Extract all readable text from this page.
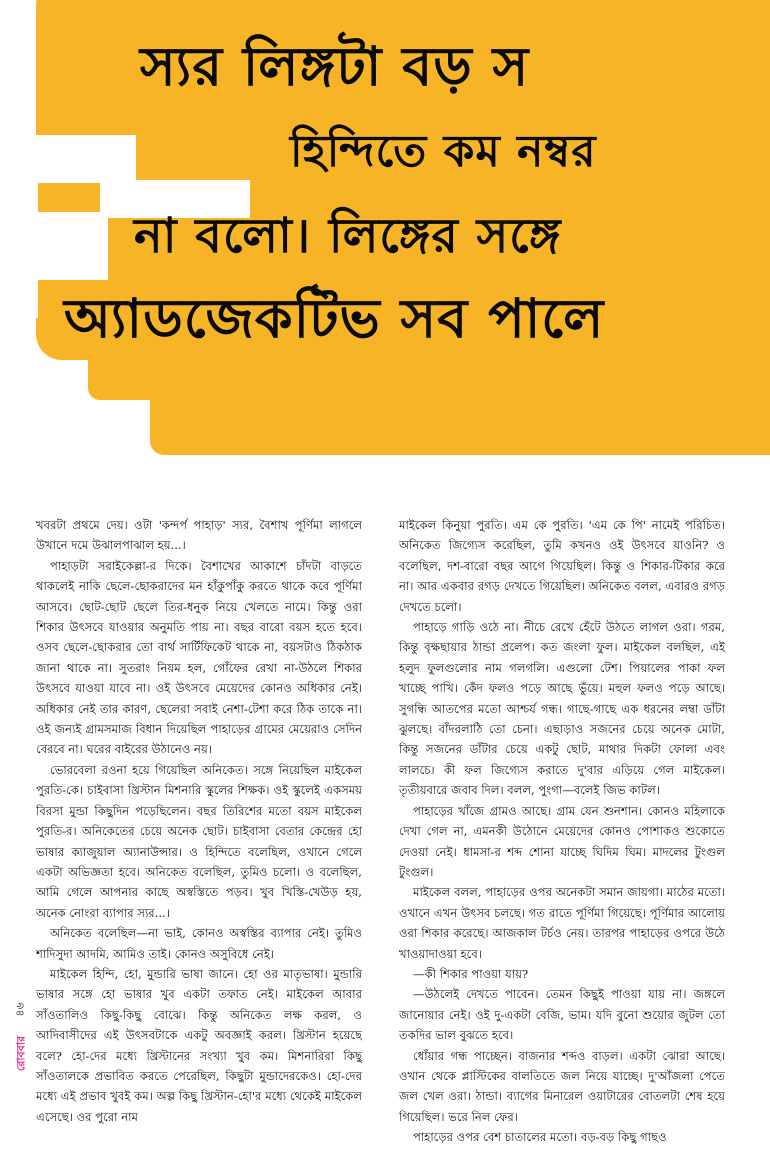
স্যর লিঙ্গটা বড় স
হিন্দিতে কম নম্বর
না বলো। লিঙ্গের সঙ্গে
অ্যাডজেকটিভ সব পালে

খবরটা প্রথমে দেয়। ওটা 'কন্দর্প পাহাড়' স্যর, বৈশাখ পূর্ণিমা লাগলে উখানে দমে উঝালপাঝাল হয়...।

পাহাড়টা সরাইকেল্লা-র দিকে। বৈশাখের আকাশে চাঁদটা বাড়তে থাকলেই নাকি ছেলে-ছোকরাদের মন হাঁকুপাঁকু করতে থাকে কবে পূর্ণিমা আসবে। ছোট-ছোট ছেলে তির-ধনুক নিয়ে খেলতে নামে। কিন্তু ওরা শিকার উৎসবে যাওয়ার অনুমতি পায় না। বছর বারো বয়স হতে হবে। ওসব ছেলে-ছোকরার তো বার্থ সার্টিফিকেট থাকে না, বয়সটাও ঠিকঠাক জানা থাকে না। সুতরাং নিয়ম হল, গোঁফের রেখা না-উঠলে শিকার উৎসবে যাওয়া যাবে না। ওই উৎসবে মেয়েদের কোনও অধিকার নেই। অধিকার নেই তার কারণ, ছেলেরা সবাই নেশা-টেশা করে ঠিক তাকে না। ওই জন্যই গ্রামসমাজ বিধান দিয়েছিল পাহাড়ের গ্রামের মেয়েরাও সেদিন বেরবে না। ঘরের বাইরের উঠানেও নয়।

ভোরবেলা রওনা হয়ে গিয়েছিল অনিকেত। সঙ্গে নিয়েছিল মাইকেল পুরতি-কে। চাইবাসা খ্রিস্টান মিশনারি স্কুলের শিক্ষক। ওই স্কুলেই একসময় বিরসা মুন্ডা কিছুদিন পড়েছিলেন। বছর তিরিশের মতো বয়স মাইকেল পুরতি-র। অনিকেতের চেয়ে অনেক ছোট। চাইবাসা বেতার কেন্দ্রের হো ভাষার ক্যাজুয়াল অ্যানাউন্সার। ও হিন্দিতে বলেছিল, ওখানে গেলে একটা অভিজ্ঞতা হবে। অনিকেত বলেছিল, তুমিও চলো। ও বলেছিল, আমি গেলে আপনার কাছে অস্বস্তিতে পড়ব। খুব খিস্তি-খেউড় হয়, অনেক নোংরা ব্যাপার স্যর...।

অনিকেত বলেছিল—না ভাই, কোনও অস্বস্তির ব্যাপার নেই। তুমিও শাদিসুদা আদমি, আমিও তাই। কোনও অসুবিধে নেই।

মাইকেল হিন্দি, হো, মুন্ডারি ভাষা জানে। হো ওর মাতৃভাষা। মুন্ডারি ভাষার সঙ্গে হো ভাষার খুব একটা তফাত নেই। মাইকেল আবার সাঁওতালিও কিছু-কিছু বোঝে। কিন্তু অনিকেত লক্ষ করল, ও আদিবাসীদের এই উৎসবটাকে একটু অবজ্ঞাই করল। খ্রিস্টান হয়েছে বলে? হো-দের মধ্যে খ্রিস্টানের সংখ্যা খুব কম। মিশনারিরা কিছু সাঁওতালকে প্রভাবিত করতে পেরেছিল, কিছুটা মুন্ডাদেরকেও। হো-দের মধ্যে এই প্রভাব খুবই কম। অল্প কিছু খ্রিস্টান-হো'র মধ্যে থেকেই মাইকেল এসেছে। ওর পুরো নাম

মাইকেল কিনুয়া পুরতি। এম কে পুরতি। 'এম কে পি' নামেই পরিচিত। অনিকেত জিগ্যেস করেছিল, তুমি কখনও ওই উৎসবে যাওনি? ও বলেছিল, দশ-বারো বছর আগে গিয়েছিল। কিন্তু ও শিকার-টিকার করে না। আর একবার রগড় দেখতে গিয়েছিল। অনিকেত বলল, এবারও রগড় দেখতে চলো।

পাহাড়ে গাড়ি ওঠে না। নীচে রেখে হেঁটে উঠতে লাগল ওরা। গরম, কিন্তু বৃক্ষছায়ার ঠান্ডা প্রলেপ। কত জংলা ফুল। মাইকেল বলছিল, এই হলুদ ফুলগুলোর নাম গলগলি। এগুলো টেশ। পিয়ালের পাকা ফল খাচ্ছে পাখি। কেঁদ ফলও পড়ে আছে ভুঁয়ে। মহুল ফলও পড়ে আছে। সুগন্ধি আতপের মতো আশ্চর্য গন্ধ। গাছে-গাছে এক ধরনের লম্বা ডাঁটা ঝুলছে। বাঁদরলাঠি তো চেনা। এছাড়াও সজনের চেয়ে অনেক মোটা, কিন্তু সজনের ডাঁটার চেয়ে একটু ছোট, মাথার দিকটা ফোলা এবং লালচে। কী ফল জিগ্যেস করাতে দু'বার এড়িয়ে গেল মাইকেল। তৃতীয়বারে জবাব দিল। বলল, পুংগা—বলেই জিভ কাটল।

পাহাড়ের খাঁজে গ্রামও আছে। গ্রাম যেন শুনশান। কোনও মহিলাকে দেখা গেল না, এমনকী উঠোনে মেয়েদের কোনও পোশাকও শুকোতে দেওয়া নেই। ধামসা-র শব্দ শোনা যাচ্ছে ঘিদিম ঘিম। মাদলের টুংগুল টুংগুল।

মাইকেল বলল, পাহাড়ের ওপর অনেকটা সমান জায়গা। মাঠের মতো। ওখানে এখন উৎসব চলছে। গত রাতে পূর্ণিমা গিয়েছে। পূর্ণিমার আলোয় ওরা শিকার করেছে। আজকাল টর্চও নেয়। তারপর পাহাড়ের ওপরে উঠে খাওয়াদাওয়া হবে।

—কী শিকার পাওয়া যায়?

—উঠলেই দেখতে পাবেন। তেমন কিছুই পাওয়া যায় না। জঙ্গলে জানোয়ার নেই। ওই দু-একটা বেজি, ভাম। যদি বুনো শুয়োর জুটল তো তকদির ভাল বুঝতে হবে।

ধোঁয়ার গন্ধ পাচ্ছেন। বাজনার শব্দও বাড়ল। একটা ঝোরা আছে। ওখান থেকে প্লাস্টিকের বালতিতে জল নিয়ে যাচ্ছে। দু'আঁজলা পেতে জল খেল ওরা। ঠান্ডা। ব্যাগের মিনারেল ওয়াটারের বোতলটা শেষ হয়ে গিয়েছিল। ভরে নিল ফের।

পাহাড়ের ওপর বেশ চাতালের মতো। বড়-বড় কিছু গাছও

৪৬
রোববার
